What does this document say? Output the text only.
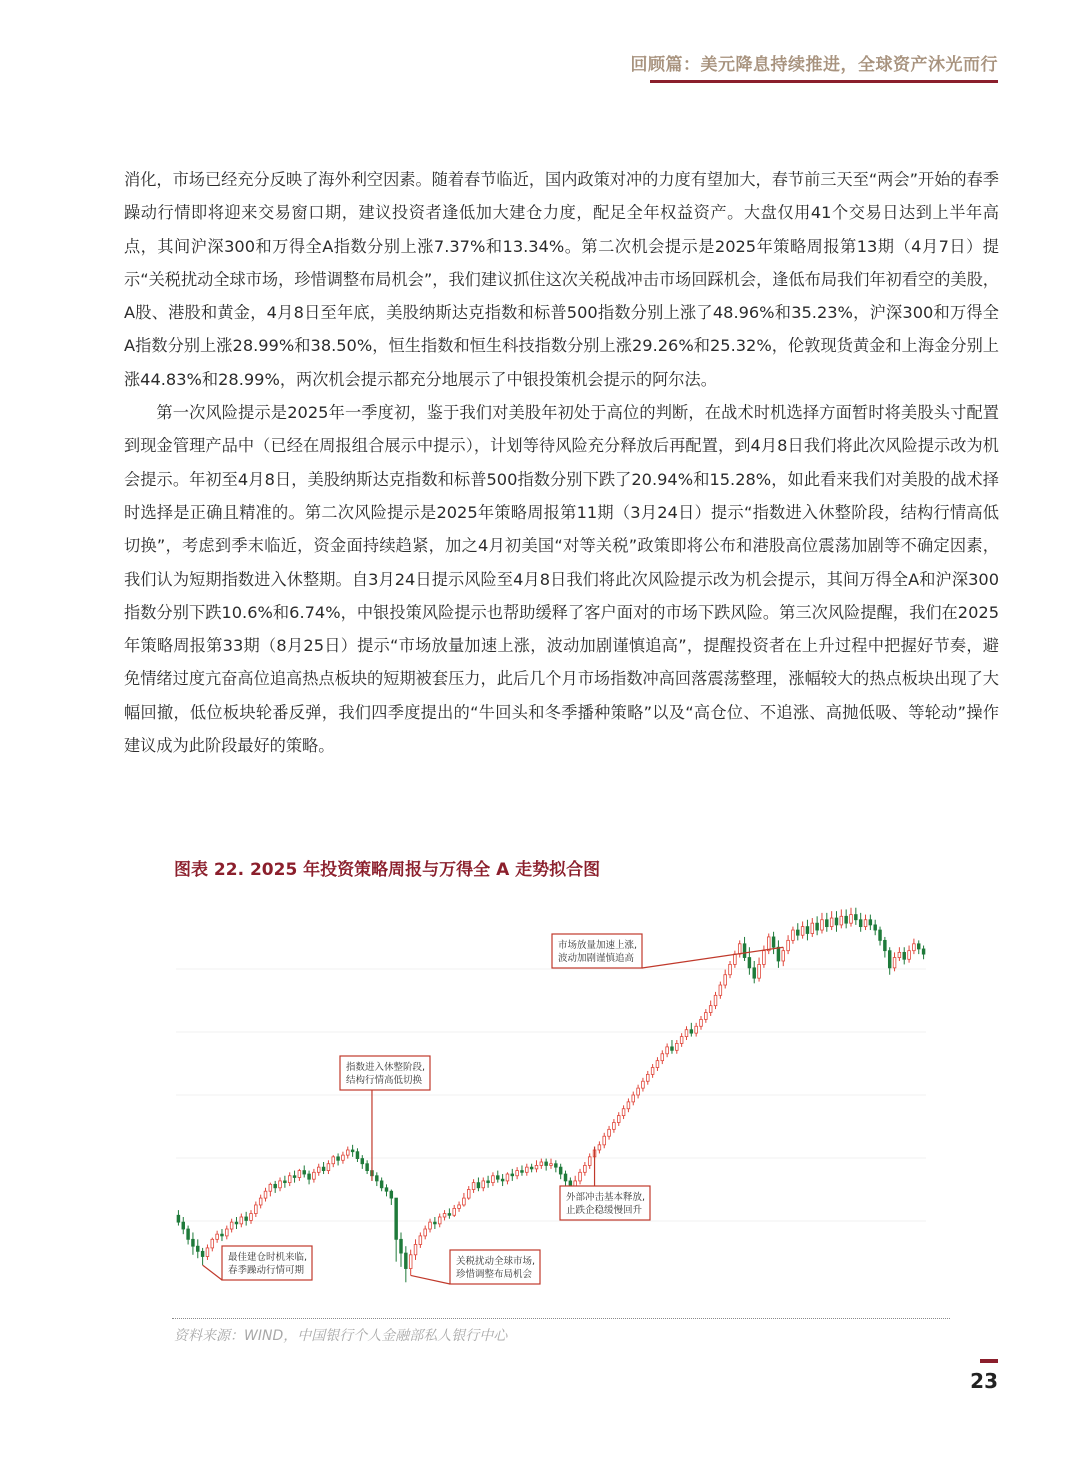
回顾篇：美元降息持续推进，全球资产沐光而行

消化，市场已经充分反映了海外利空因素。随着春节临近，国内政策对冲的力度有望加大，春节前三天至“两会”开始的春季躁动行情即将迎来交易窗口期，建议投资者逢低加大建仓力度，配足全年权益资产。大盘仅用41个交易日达到上半年高点，其间沪深300和万得全A指数分别上涨7.37%和13.34%。第二次机会提示是2025年策略周报第13期（4月7日）提示“关税扰动全球市场，珍惜调整布局机会”，我们建议抓住这次关税战冲击市场回踩机会，逢低布局我们年初看空的美股，A股、港股和黄金，4月8日至年底，美股纳斯达克指数和标普500指数分别上涨了48.96%和35.23%，沪深300和万得全A指数分别上涨28.99%和38.50%，恒生指数和恒生科技指数分别上涨29.26%和25.32%，伦敦现货黄金和上海金分别上涨44.83%和28.99%，两次机会提示都充分地展示了中银投策机会提示的阿尔法。

第一次风险提示是2025年一季度初，鉴于我们对美股年初处于高位的判断，在战术时机选择方面暂时将美股头寸配置到现金管理产品中（已经在周报组合展示中提示），计划等待风险充分释放后再配置，到4月8日我们将此次风险提示改为机会提示。年初至4月8日，美股纳斯达克指数和标普500指数分别下跌了20.94%和15.28%，如此看来我们对美股的战术择时选择是正确且精准的。第二次风险提示是2025年策略周报第11期（3月24日）提示“指数进入休整阶段，结构行情高低切换”，考虑到季末临近，资金面持续趋紧，加之4月初美国“对等关税”政策即将公布和港股高位震荡加剧等不确定因素，我们认为短期指数进入休整期。自3月24日提示风险至4月8日我们将此次风险提示改为机会提示，其间万得全A和沪深300指数分别下跌10.6%和6.74%，中银投策风险提示也帮助缓释了客户面对的市场下跌风险。第三次风险提醒，我们在2025年策略周报第33期（8月25日）提示“市场放量加速上涨，波动加剧谨慎追高”，提醒投资者在上升过程中把握好节奏，避免情绪过度亢奋高位追高热点板块的短期被套压力，此后几个月市场指数冲高回落震荡整理，涨幅较大的热点板块出现了大幅回撤，低位板块轮番反弹，我们四季度提出的“牛回头和冬季播种策略”以及“高仓位、不追涨、高抛低吸、等轮动”操作建议成为此阶段最好的策略。

图表 22. 2025 年投资策略周报与万得全 A 走势拟合图
最佳建仓时机来临,
春季躁动行情可期
指数进入休整阶段,
结构行情高低切换
关税扰动全球市场,
珍惜调整布局机会
外部冲击基本释放,
止跌企稳缓慢回升
市场放量加速上涨,
波动加剧谨慎追高
资料来源：WIND，中国银行个人金融部私人银行中心
23
